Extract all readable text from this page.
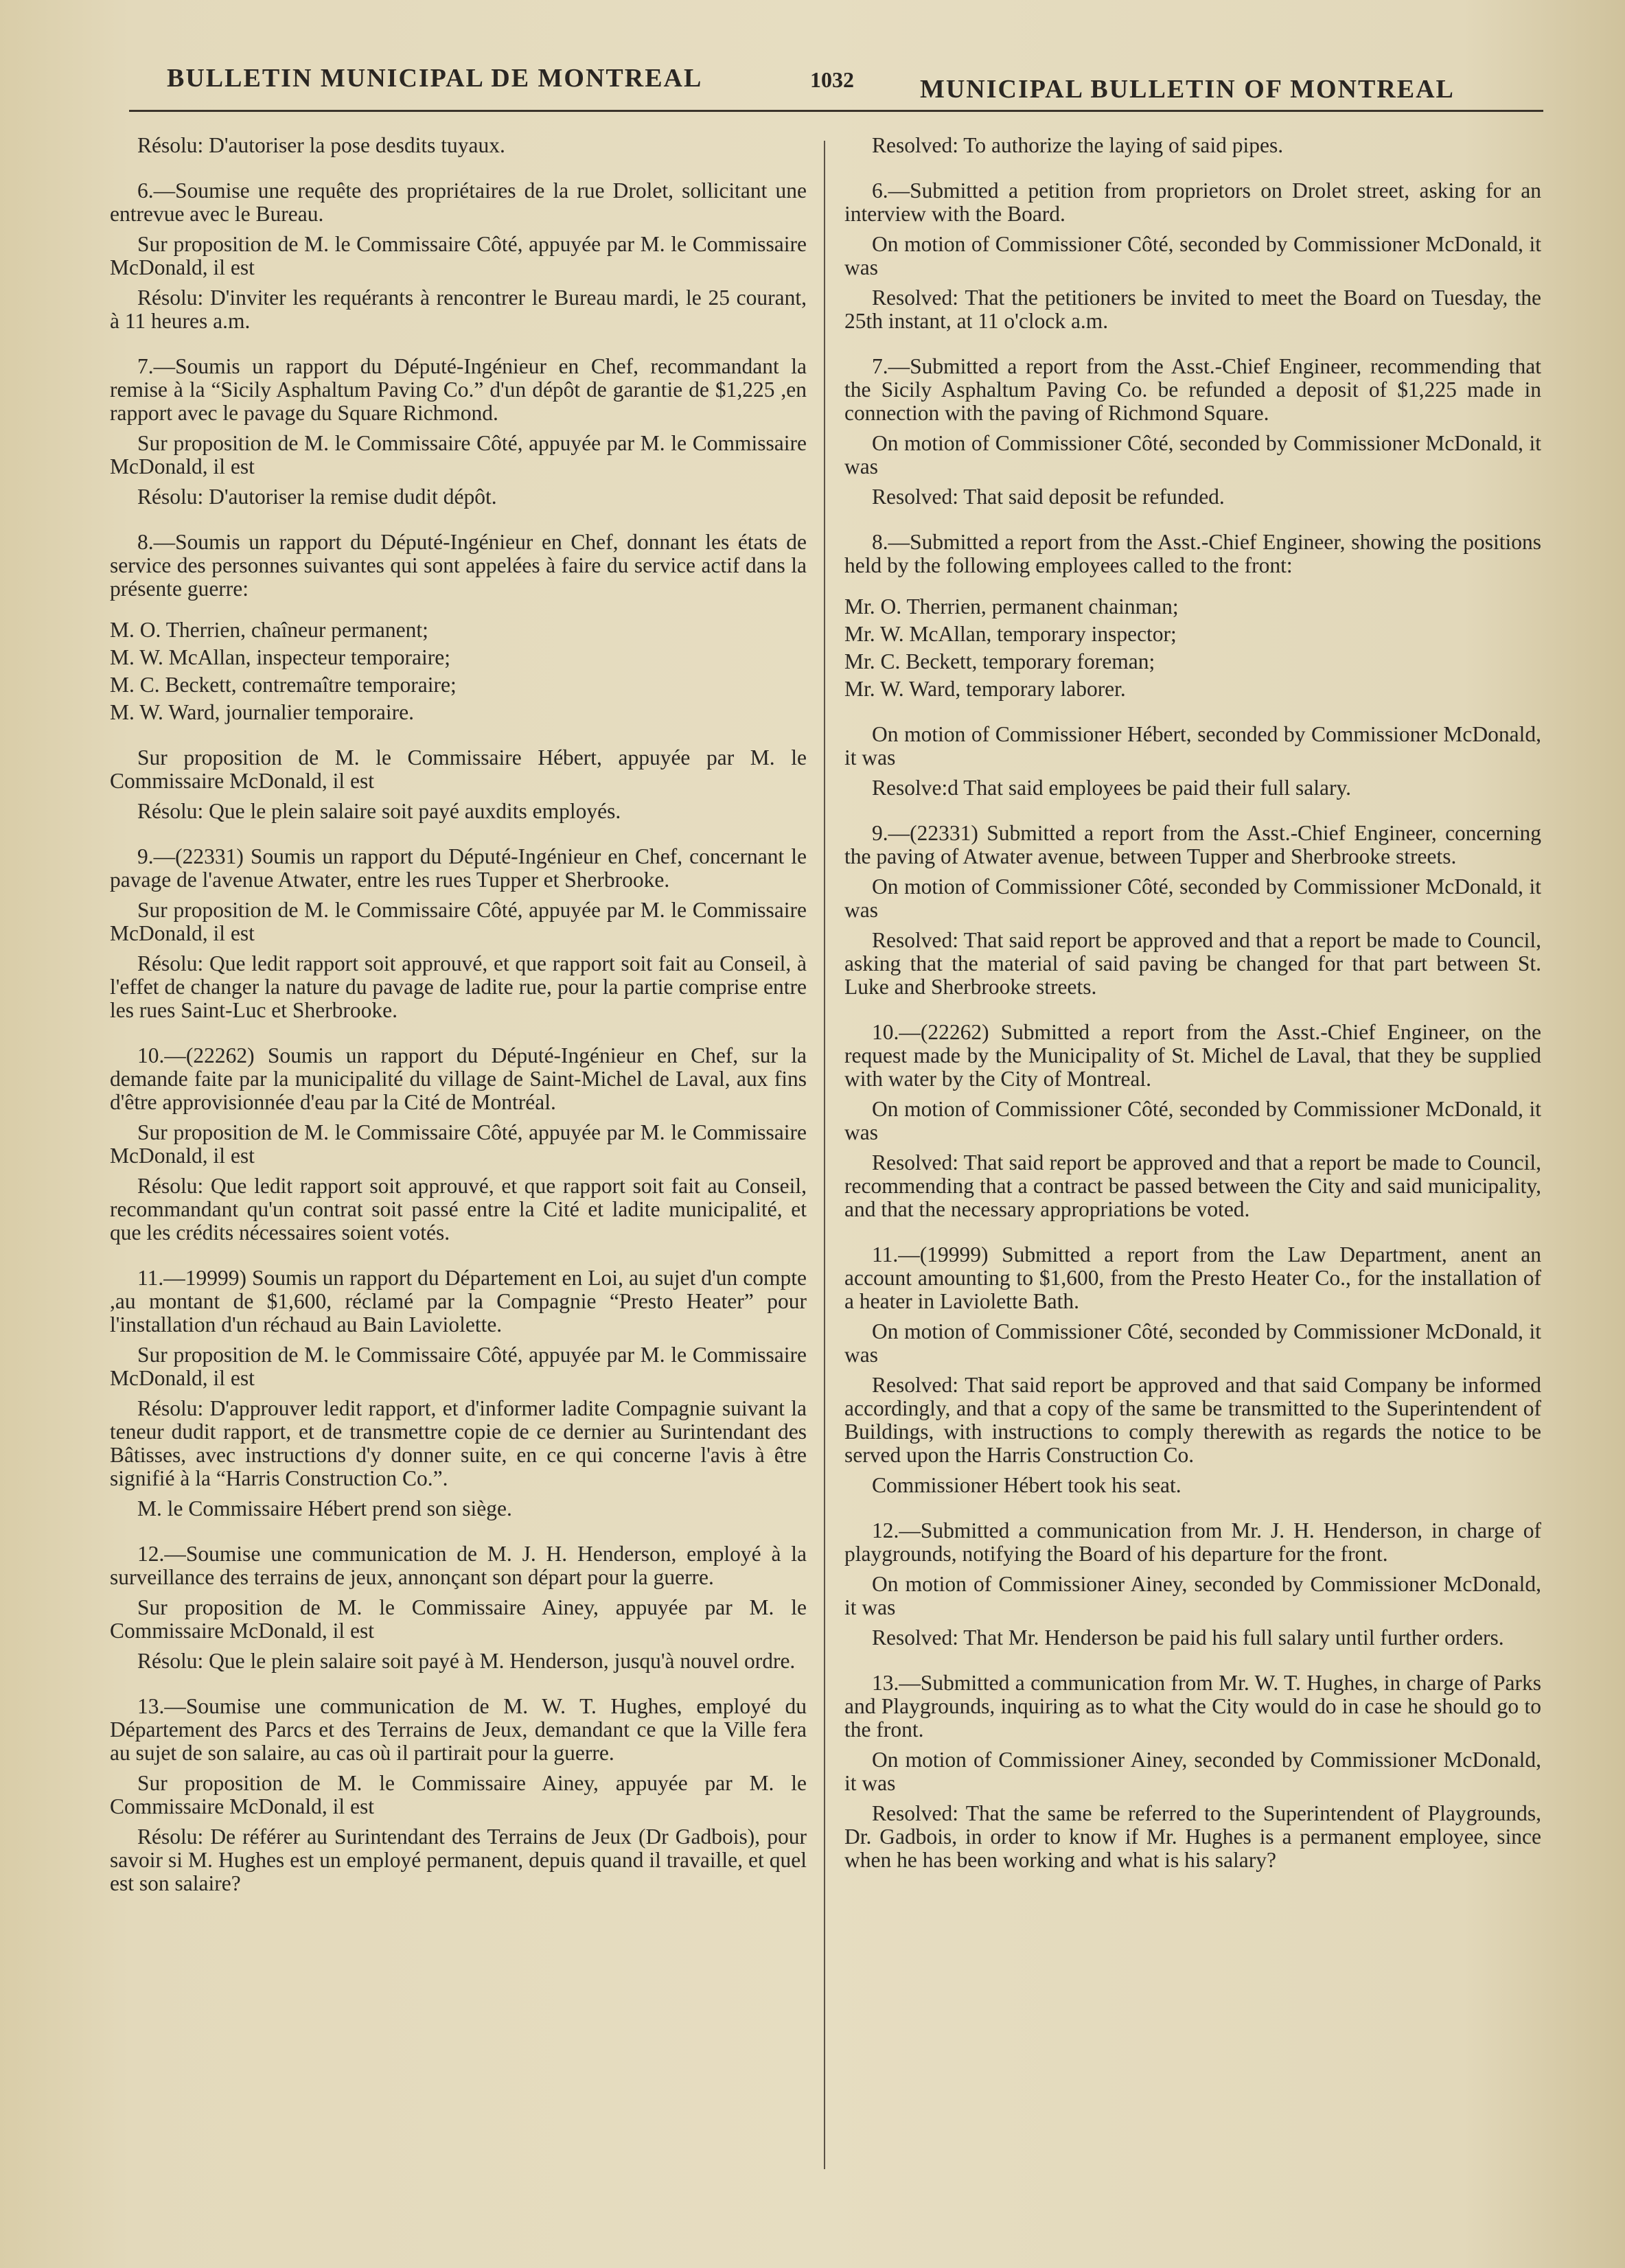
BULLETIN MUNICIPAL DE MONTREAL	1032	MUNICIPAL BULLETIN OF MONTREAL

Résolu: D'autoriser la pose desdits tuyaux.

6.—Soumise une requête des propriétaires de la rue Drolet, sollicitant une entrevue avec le Bureau.

Sur proposition de M. le Commissaire Côté, appuyée par M. le Commissaire McDonald, il est

Résolu: D'inviter les requérants à rencontrer le Bureau mardi, le 25 courant, à 11 heures a.m.

7.—Soumis un rapport du Député-Ingénieur en Chef, recommandant la remise à la “Sicily Asphaltum Paving Co.” d'un dépôt de garantie de $1,225 ,en rapport avec le pavage du Square Richmond.

Sur proposition de M. le Commissaire Côté, appuyée par M. le Commissaire McDonald, il est

Résolu: D'autoriser la remise dudit dépôt.

8.—Soumis un rapport du Député-Ingénieur en Chef, donnant les états de service des personnes suivantes qui sont appelées à faire du service actif dans la présente guerre:

M. O. Therrien, chaîneur permanent;

M. W. McAllan, inspecteur temporaire;

M. C. Beckett, contremaître temporaire;

M. W. Ward, journalier temporaire.

Sur proposition de M. le Commissaire Hébert, appuyée par M. le Commissaire McDonald, il est

Résolu: Que le plein salaire soit payé auxdits employés.

9.—(22331) Soumis un rapport du Député-Ingénieur en Chef, concernant le pavage de l'avenue Atwater, entre les rues Tupper et Sherbrooke.

Sur proposition de M. le Commissaire Côté, appuyée par M. le Commissaire McDonald, il est

Résolu: Que ledit rapport soit approuvé, et que rapport soit fait au Conseil, à l'effet de changer la nature du pavage de ladite rue, pour la partie comprise entre les rues Saint-Luc et Sherbrooke.

10.—(22262) Soumis un rapport du Député-Ingénieur en Chef, sur la demande faite par la municipalité du village de Saint-Michel de Laval, aux fins d'être approvisionnée d'eau par la Cité de Montréal.

Sur proposition de M. le Commissaire Côté, appuyée par M. le Commissaire McDonald, il est

Résolu: Que ledit rapport soit approuvé, et que rapport soit fait au Conseil, recommandant qu'un contrat soit passé entre la Cité et ladite municipalité, et que les crédits nécessaires soient votés.

11.—19999) Soumis un rapport du Département en Loi, au sujet d'un compte ,au montant de $1,600, réclamé par la Compagnie “Presto Heater” pour l'installation d'un réchaud au Bain Laviolette.

Sur proposition de M. le Commissaire Côté, appuyée par M. le Commissaire McDonald, il est

Résolu: D'approuver ledit rapport, et d'informer ladite Compagnie suivant la teneur dudit rapport, et de transmettre copie de ce dernier au Surintendant des Bâtisses, avec instructions d'y donner suite, en ce qui concerne l'avis à être signifié à la “Harris Construction Co.”.

M. le Commissaire Hébert prend son siège.

12.—Soumise une communication de M. J. H. Henderson, employé à la surveillance des terrains de jeux, annonçant son départ pour la guerre.

Sur proposition de M. le Commissaire Ainey, appuyée par M. le Commissaire McDonald, il est

Résolu: Que le plein salaire soit payé à M. Henderson, jusqu'à nouvel ordre.

13.—Soumise une communication de M. W. T. Hughes, employé du Département des Parcs et des Terrains de Jeux, demandant ce que la Ville fera au sujet de son salaire, au cas où il partirait pour la guerre.

Sur proposition de M. le Commissaire Ainey, appuyée par M. le Commissaire McDonald, il est

Résolu: De référer au Surintendant des Terrains de Jeux (Dr Gadbois), pour savoir si M. Hughes est un employé permanent, depuis quand il travaille, et quel est son salaire?

Resolved: To authorize the laying of said pipes.

6.—Submitted a petition from proprietors on Drolet street, asking for an interview with the Board.

On motion of Commissioner Côté, seconded by Commissioner McDonald, it was

Resolved: That the petitioners be invited to meet the Board on Tuesday, the 25th instant, at 11 o'clock a.m.

7.—Submitted a report from the Asst.-Chief Engineer, recommending that the Sicily Asphaltum Paving Co. be refunded a deposit of $1,225 made in connection with the paving of Richmond Square.

On motion of Commissioner Côté, seconded by Commissioner McDonald, it was

Resolved: That said deposit be refunded.

8.—Submitted a report from the Asst.-Chief Engineer, showing the positions held by the following employees called to the front:

Mr. O. Therrien, permanent chainman;

Mr. W. McAllan, temporary inspector;

Mr. C. Beckett, temporary foreman;

Mr. W. Ward, temporary laborer.

On motion of Commissioner Hébert, seconded by Commissioner McDonald, it was

Resolve:d That said employees be paid their full salary.

9.—(22331) Submitted a report from the Asst.-Chief Engineer, concerning the paving of Atwater avenue, between Tupper and Sherbrooke streets.

On motion of Commissioner Côté, seconded by Commissioner McDonald, it was

Resolved: That said report be approved and that a report be made to Council, asking that the material of said paving be changed for that part between St. Luke and Sherbrooke streets.

10.—(22262) Submitted a report from the Asst.-Chief Engineer, on the request made by the Municipality of St. Michel de Laval, that they be supplied with water by the City of Montreal.

On motion of Commissioner Côté, seconded by Commissioner McDonald, it was

Resolved: That said report be approved and that a report be made to Council, recommending that a contract be passed between the City and said municipality, and that the necessary appropriations be voted.

11.—(19999) Submitted a report from the Law Department, anent an account amounting to $1,600, from the Presto Heater Co., for the installation of a heater in Laviolette Bath.

On motion of Commissioner Côté, seconded by Commissioner McDonald, it was

Resolved: That said report be approved and that said Company be informed accordingly, and that a copy of the same be transmitted to the Superintendent of Buildings, with instructions to comply therewith as regards the notice to be served upon the Harris Construction Co.

Commissioner Hébert took his seat.

12.—Submitted a communication from Mr. J. H. Henderson, in charge of playgrounds, notifying the Board of his departure for the front.

On motion of Commissioner Ainey, seconded by Commissioner McDonald, it was

Resolved: That Mr. Henderson be paid his full salary until further orders.

13.—Submitted a communication from Mr. W. T. Hughes, in charge of Parks and Playgrounds, inquiring as to what the City would do in case he should go to the front.

On motion of Commissioner Ainey, seconded by Commissioner McDonald, it was

Resolved: That the same be referred to the Superintendent of Playgrounds, Dr. Gadbois, in order to know if Mr. Hughes is a permanent employee, since when he has been working and what is his salary?
